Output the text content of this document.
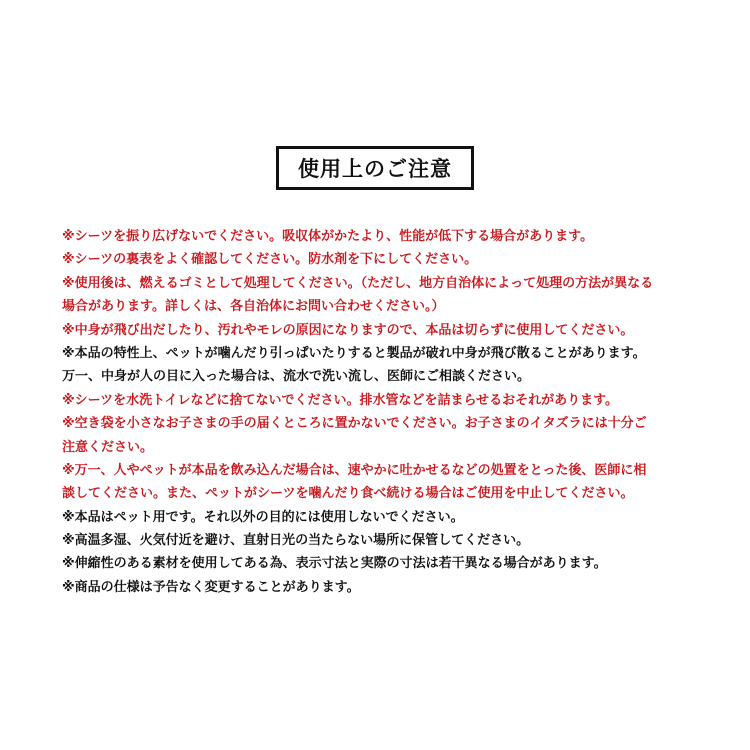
使用上のご注意
※シーツを振り広げないでください。吸収体がかたより、性能が低下する場合があります。
※シーツの裏表をよく確認してください。防水剤を下にしてください。
※使用後は、燃えるゴミとして処理してください。（ただし、地方自治体によって処理の方法が異なる
場合があります。詳しくは、各自治体にお問い合わせください。）
※中身が飛び出だしたり、汚れやモレの原因になりますので、本品は切らずに使用してください。
※本品の特性上、ペットが噛んだり引っぱいたりすると製品が破れ中身が飛び散ることがあります。
万一、中身が人の目に入った場合は、流水で洗い流し、医師にご相談ください。
※シーツを水洗トイレなどに捨てないでください。排水管などを詰まらせるおそれがあります。
※空き袋を小さなお子さまの手の届くところに置かないでください。お子さまのイタズラには十分ご
注意ください。
※万一、人やペットが本品を飲み込んだ場合は、速やかに吐かせるなどの処置をとった後、医師に相
談してください。また、ペットがシーツを噛んだり食べ続ける場合はご使用を中止してください。
※本品はペット用です。それ以外の目的には使用しないでください。
※高温多湿、火気付近を避け、直射日光の当たらない場所に保管してください。
※伸縮性のある素材を使用してある為、表示寸法と実際の寸法は若干異なる場合があります。
※商品の仕様は予告なく変更することがあります。
